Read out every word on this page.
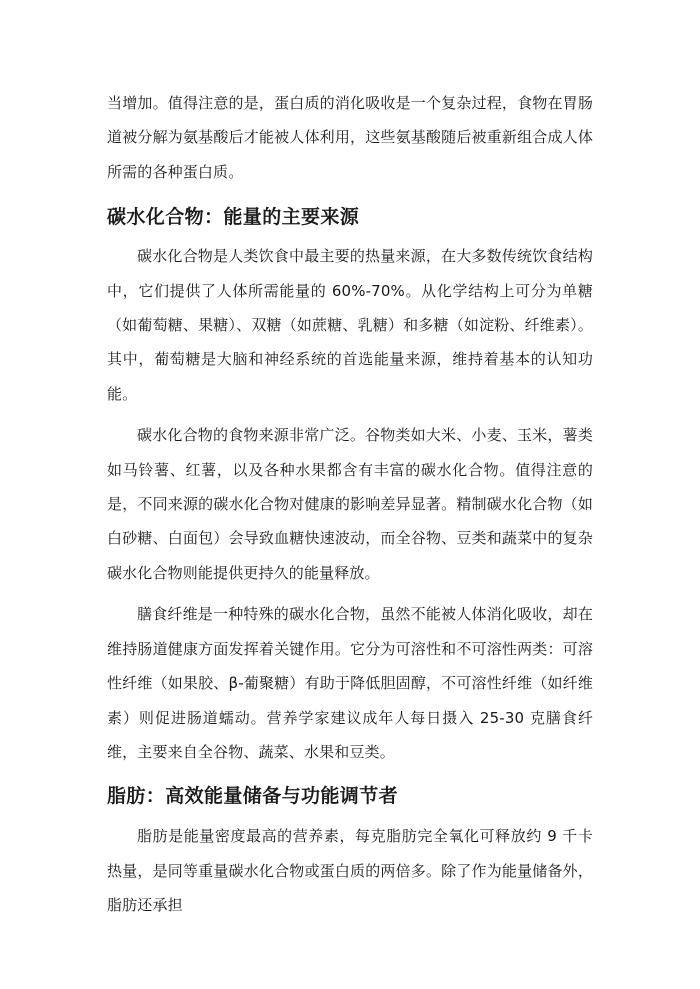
当增加。值得注意的是，蛋白质的消化吸收是一个复杂过程，食物在胃肠道被分解为氨基酸后才能被人体利用，这些氨基酸随后被重新组合成人体所需的各种蛋白质。

碳水化合物：能量的主要来源

碳水化合物是人类饮食中最主要的热量来源，在大多数传统饮食结构中，它们提供了人体所需能量的 60%-70%。从化学结构上可分为单糖（如葡萄糖、果糖）、双糖（如蔗糖、乳糖）和多糖（如淀粉、纤维素）。其中，葡萄糖是大脑和神经系统的首选能量来源，维持着基本的认知功能。

碳水化合物的食物来源非常广泛。谷物类如大米、小麦、玉米，薯类如马铃薯、红薯，以及各种水果都含有丰富的碳水化合物。值得注意的是，不同来源的碳水化合物对健康的影响差异显著。精制碳水化合物（如白砂糖、白面包）会导致血糖快速波动，而全谷物、豆类和蔬菜中的复杂碳水化合物则能提供更持久的能量释放。

膳食纤维是一种特殊的碳水化合物，虽然不能被人体消化吸收，却在维持肠道健康方面发挥着关键作用。它分为可溶性和不可溶性两类：可溶性纤维（如果胶、β-葡聚糖）有助于降低胆固醇，不可溶性纤维（如纤维素）则促进肠道蠕动。营养学家建议成年人每日摄入 25-30 克膳食纤维，主要来自全谷物、蔬菜、水果和豆类。

脂肪：高效能量储备与功能调节者

脂肪是能量密度最高的营养素，每克脂肪完全氧化可释放约 9 千卡热量，是同等重量碳水化合物或蛋白质的两倍多。除了作为能量储备外，脂肪还承担
